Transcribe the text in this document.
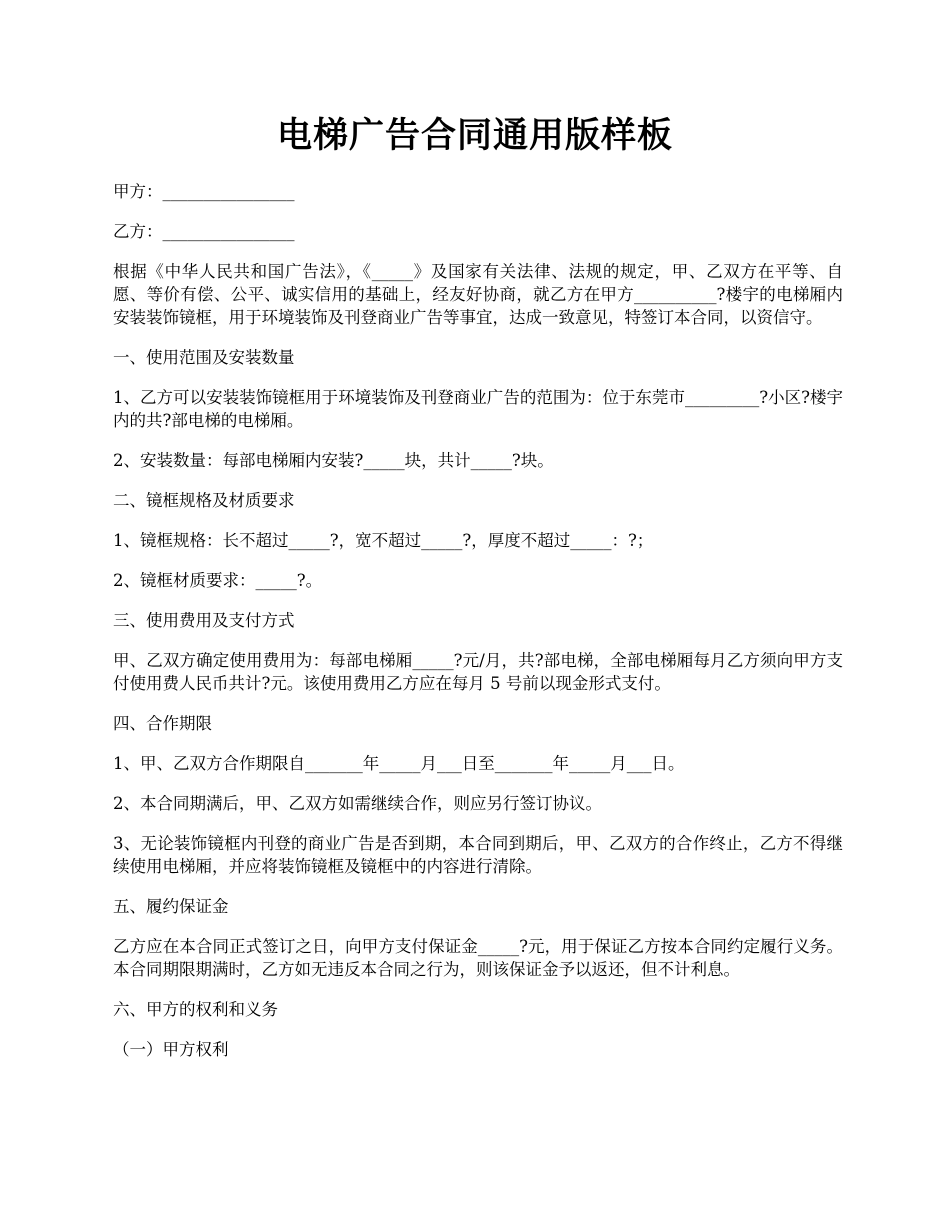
电梯广告合同通用版样板

甲方：________________

乙方：________________

根据《中华人民共和国广告法》，《_____》及国家有关法律、法规的规定，甲、乙双方在平等、自愿、等价有偿、公平、诚实信用的基础上，经友好协商，就乙方在甲方__________?楼宇的电梯厢内安装装饰镜框，用于环境装饰及刊登商业广告等事宜，达成一致意见，特签订本合同，以资信守。

一、使用范围及安装数量

1、乙方可以安装装饰镜框用于环境装饰及刊登商业广告的范围为：位于东莞市_________?小区?楼宇内的共?部电梯的电梯厢。

2、安装数量：每部电梯厢内安装?_____块，共计_____?块。

二、镜框规格及材质要求

1、镜框规格：长不超过_____?，宽不超过_____?，厚度不超过_____：?；

2、镜框材质要求：_____?。

三、使用费用及支付方式

甲、乙双方确定使用费用为：每部电梯厢_____?元/月，共?部电梯，全部电梯厢每月乙方须向甲方支付使用费人民币共计?元。该使用费用乙方应在每月 5 号前以现金形式支付。

四、合作期限

1、甲、乙双方合作期限自_______年_____月___日至_______年_____月___日。

2、本合同期满后，甲、乙双方如需继续合作，则应另行签订协议。

3、无论装饰镜框内刊登的商业广告是否到期，本合同到期后，甲、乙双方的合作终止，乙方不得继续使用电梯厢，并应将装饰镜框及镜框中的内容进行清除。

五、履约保证金

乙方应在本合同正式签订之日，向甲方支付保证金_____?元，用于保证乙方按本合同约定履行义务。本合同期限期满时，乙方如无违反本合同之行为，则该保证金予以返还，但不计利息。

六、甲方的权利和义务

（一）甲方权利
